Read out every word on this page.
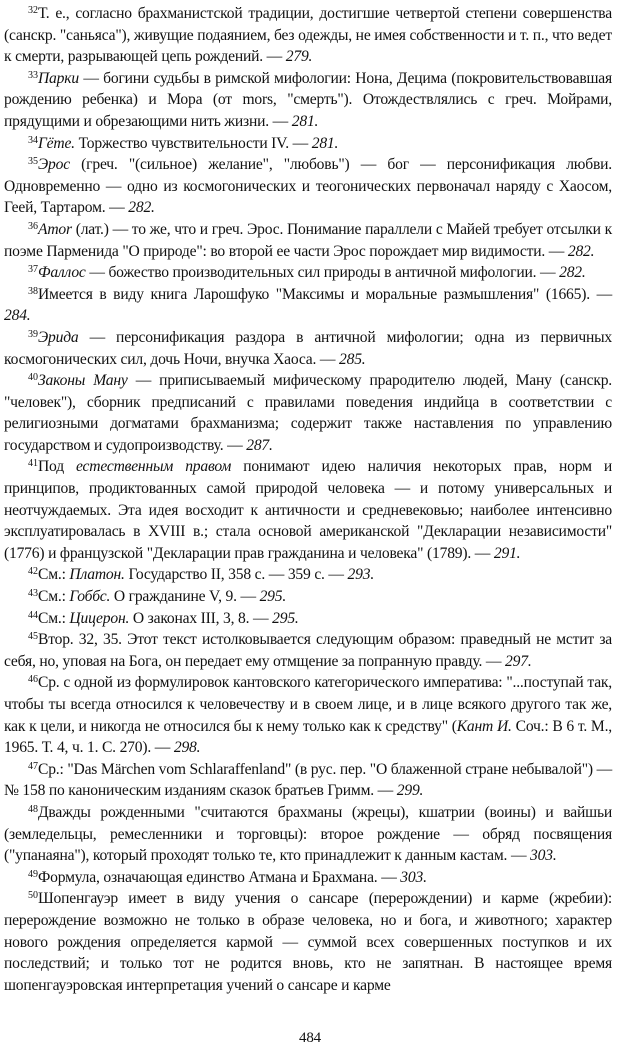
$^{32}$Т. е., согласно брахманистской традиции, достигшие четвертой степени совершенства (санскр. "саньяса"), живущие подаянием, без одежды, не имея собственности и т. п., что ведет к смерти, разрывающей цепь рождений. — 279.

$^{33}$Парки — богини судьбы в римской мифологии: Нона, Децима (покровительствовавшая рождению ребенка) и Мора (от mors, "смерть"). Отождествлялись с греч. Мойрами, прядущими и обрезающими нить жизни. — 281.

$^{34}$Гёте. Торжество чувствительности IV. — 281.

$^{35}$Эрос (греч. "(сильное) желание", "любовь") — бог — персонификация любви. Одновременно — одно из космогонических и теогонических первоначал наряду с Хаосом, Геей, Тартаром. — 282.

$^{36}$Amor (лат.) — то же, что и греч. Эрос. Понимание параллели с Майей требует отсылки к поэме Парменида "О природе": во второй ее части Эрос порождает мир видимости. — 282.

$^{37}$Фаллос — божество производительных сил природы в античной мифологии. — 282.

$^{38}$Имеется в виду книга Ларошфуко "Максимы и моральные размышления" (1665). — 284.

$^{39}$Эрида — персонификация раздора в античной мифологии; одна из первичных космогонических сил, дочь Ночи, внучка Хаоса. — 285.

$^{40}$Законы Ману — приписываемый мифическому прародителю людей, Ману (санскр. "человек"), сборник предписаний с правилами поведения индийца в соответствии с религиозными догматами брахманизма; содержит также наставления по управлению государством и судопроизводству. — 287.

$^{41}$Под естественным правом понимают идею наличия некоторых прав, норм и принципов, продиктованных самой природой человека — и потому универсальных и неотчуждаемых. Эта идея восходит к античности и средневековью; наиболее интенсивно эксплуатировалась в XVIII в.; стала основой американской "Декларации независимости" (1776) и французской "Декларации прав гражданина и человека" (1789). — 291.

$^{42}$См.: Платон. Государство II, 358 с. — 359 с. — 293.

$^{43}$См.: Гоббс. О гражданине V, 9. — 295.

$^{44}$См.: Цицерон. О законах III, 3, 8. — 295.

$^{45}$Втор. 32, 35. Этот текст истолковывается следующим образом: праведный не мстит за себя, но, уповая на Бога, он передает ему отмщение за попранную правду. — 297.

$^{46}$Ср. с одной из формулировок кантовского категорического императива: "...поступай так, чтобы ты всегда относился к человечеству и в своем лице, и в лице всякого другого так же, как к цели, и никогда не относился бы к нему только как к средству" (Кант И. Соч.: В 6 т. М., 1965. Т. 4, ч. 1. С. 270). — 298.

$^{47}$Ср.: "Das Märchen vom Schlaraffenland" (в рус. пер. "О блаженной стране небывалой") — № 158 по каноническим изданиям сказок братьев Гримм. — 299.

$^{48}$Дважды рожденными "считаются брахманы (жрецы), кшатрии (воины) и вайшьи (земледельцы, ремесленники и торговцы): второе рождение — обряд посвящения ("упанаяна"), который проходят только те, кто принадлежит к данным кастам. — 303.

$^{49}$Формула, означающая единство Атмана и Брахмана. — 303.

$^{50}$Шопенгауэр имеет в виду учения о сансаре (перерождении) и карме (жребии): перерождение возможно не только в образе человека, но и бога, и животного; характер нового рождения определяется кармой — суммой всех совершенных поступков и их последствий; и только тот не родится вновь, кто не запятнан. В настоящее время шопенгауэровская интерпретация учений о сансаре и карме

484
